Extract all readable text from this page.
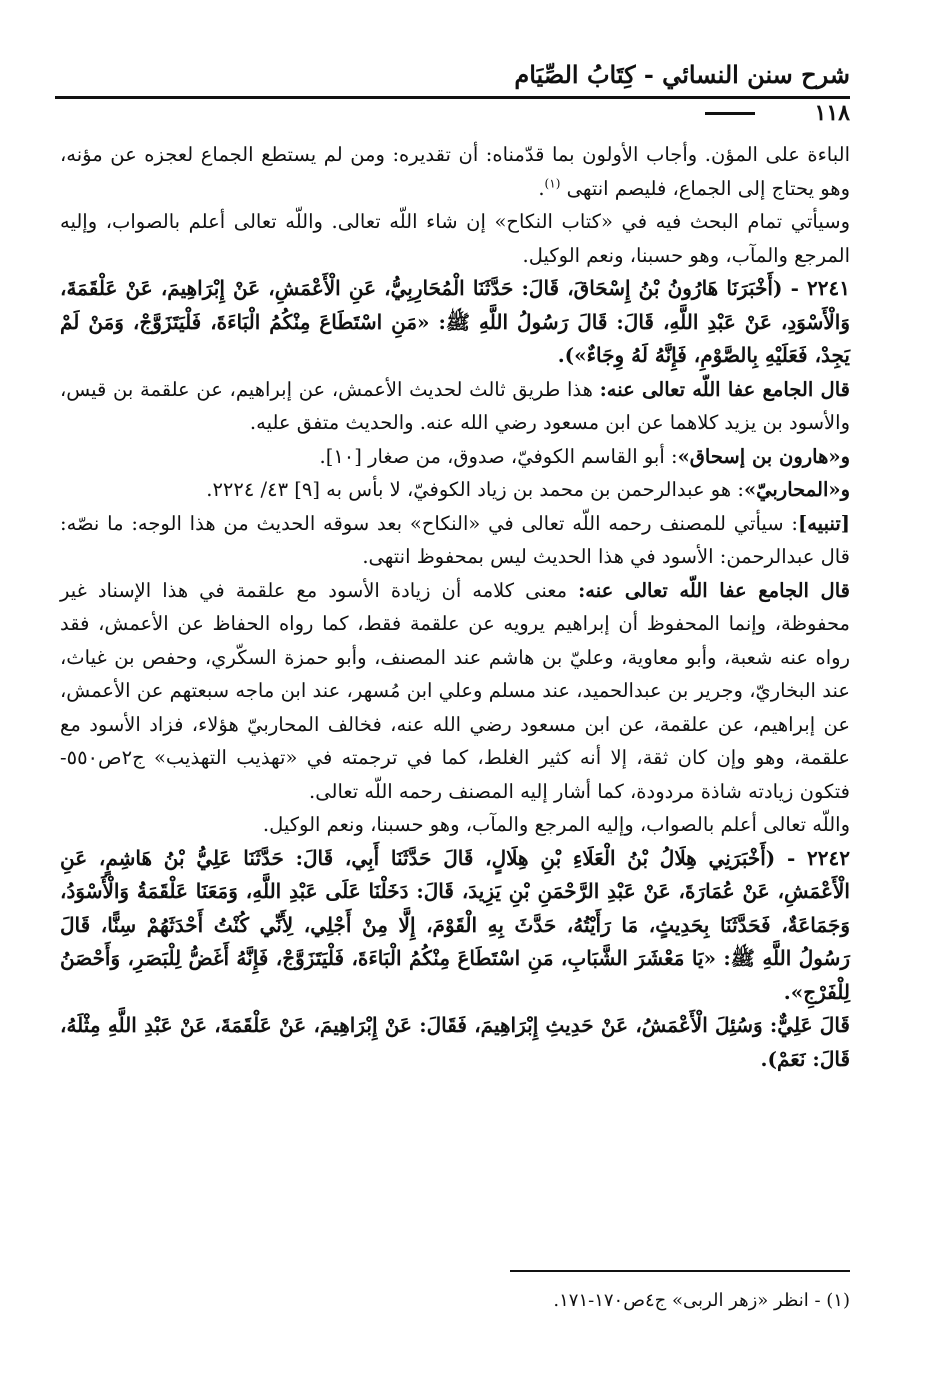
شرح سنن النسائي - كِتَابُ الصِّيَام
١١٨

الباءة على المؤن. وأجاب الأولون بما قدّمناه: أن تقديره: ومن لم يستطع الجماع لعجزه عن مؤنه، وهو يحتاج إلى الجماع، فليصم انتهى $^{(١)}$.

وسيأتي تمام البحث فيه في «كتاب النكاح» إن شاء اللّه تعالى. واللّه تعالى أعلم بالصواب، وإليه المرجع والمآب، وهو حسبنا، ونعم الوكيل.

٢٢٤١ - (أَخْبَرَنَا هَارُونُ بْنُ إِسْحَاقَ، قَالَ: حَدَّثَنَا الْمُحَارِبِيُّ، عَنِ الْأَعْمَشِ، عَنْ إِبْرَاهِيمَ، عَنْ عَلْقَمَةَ، وَالْأَسْوَدِ، عَنْ عَبْدِ اللَّهِ، قَالَ: قَالَ رَسُولُ اللَّهِ ﷺ: «مَنِ اسْتَطَاعَ مِنْكُمُ الْبَاءَةَ، فَلْيَتَزَوَّجْ، وَمَنْ لَمْ يَجِدْ، فَعَلَيْهِ بِالصَّوْمِ، فَإِنَّهُ لَهُ وِجَاءٌ»).

قال الجامع عفا اللّه تعالى عنه: هذا طريق ثالث لحديث الأعمش، عن إبراهيم، عن علقمة بن قيس، والأسود بن يزيد كلاهما عن ابن مسعود رضي الله عنه. والحديث متفق عليه.

و«هارون بن إسحاق»: أبو القاسم الكوفيّ، صدوق، من صغار [١٠].

و«المحاربيّ»: هو عبدالرحمن بن محمد بن زياد الكوفيّ، لا بأس به [٩] ٤٣/ ٢٢٢٤.

[تنبيه]: سيأتي للمصنف رحمه اللّه تعالى في «النكاح» بعد سوقه الحديث من هذا الوجه: ما نصّه: قال عبدالرحمن: الأسود في هذا الحديث ليس بمحفوظ انتهى.

قال الجامع عفا اللّه تعالى عنه: معنى كلامه أن زيادة الأسود مع علقمة في هذا الإسناد غير محفوظة، وإنما المحفوظ أن إبراهيم يرويه عن علقمة فقط، كما رواه الحفاظ عن الأعمش، فقد رواه عنه شعبة، وأبو معاوية، وعليّ بن هاشم عند المصنف، وأبو حمزة السكّري، وحفص بن غياث، عند البخاريّ، وجرير بن عبدالحميد، عند مسلم وعلي ابن مُسهر، عند ابن ماجه سبعتهم عن الأعمش، عن إبراهيم، عن علقمة، عن ابن مسعود رضي الله عنه، فخالف المحاربيّ هؤلاء، فزاد الأسود مع علقمة، وهو وإن كان ثقة، إلا أنه كثير الغلط، كما في ترجمته في «تهذيب التهذيب» ج٢ص٥٥٠- فتكون زيادته شاذة مردودة، كما أشار إليه المصنف رحمه اللّه تعالى.

واللّه تعالى أعلم بالصواب، وإليه المرجع والمآب، وهو حسبنا، ونعم الوكيل.

٢٢٤٢ - (أَخْبَرَنِي هِلَالُ بْنُ الْعَلَاءِ بْنِ هِلَالٍ، قَالَ حَدَّثَنَا أَبِي، قَالَ: حَدَّثَنَا عَلِيُّ بْنُ هَاشِمٍ، عَنِ الْأَعْمَشِ، عَنْ عُمَارَةَ، عَنْ عَبْدِ الرَّحْمَنِ بْنِ يَزِيدَ، قَالَ: دَخَلْنَا عَلَى عَبْدِ اللَّهِ، وَمَعَنَا عَلْقَمَةُ وَالْأَسْوَدُ، وَجَمَاعَةٌ، فَحَدَّثَنَا بِحَدِيثٍ، مَا رَأَيْتُهُ، حَدَّثَ بِهِ الْقَوْمَ، إِلَّا مِنْ أَجْلِي، لِأَنِّي كُنْتُ أَحْدَثَهُمْ سِنًّا، قَالَ رَسُولُ اللَّهِ ﷺ: «يَا مَعْشَرَ الشَّبَابِ، مَنِ اسْتَطَاعَ مِنْكُمُ الْبَاءَةَ، فَلْيَتَزَوَّجْ، فَإِنَّهُ أَغَضُّ لِلْبَصَرِ، وَأَحْصَنُ لِلْفَرْجِ».

قَالَ عَلِيٌّ: وَسُئِلَ الْأَعْمَشُ، عَنْ حَدِيثِ إِبْرَاهِيمَ، فَقَالَ: عَنْ إِبْرَاهِيمَ، عَنْ عَلْقَمَةَ، عَنْ عَبْدِ اللَّهِ مِثْلَهُ، قَالَ: نَعَمْ).

(١) - انظر «زهر الربى» ج٤ص١٧٠-١٧١.
